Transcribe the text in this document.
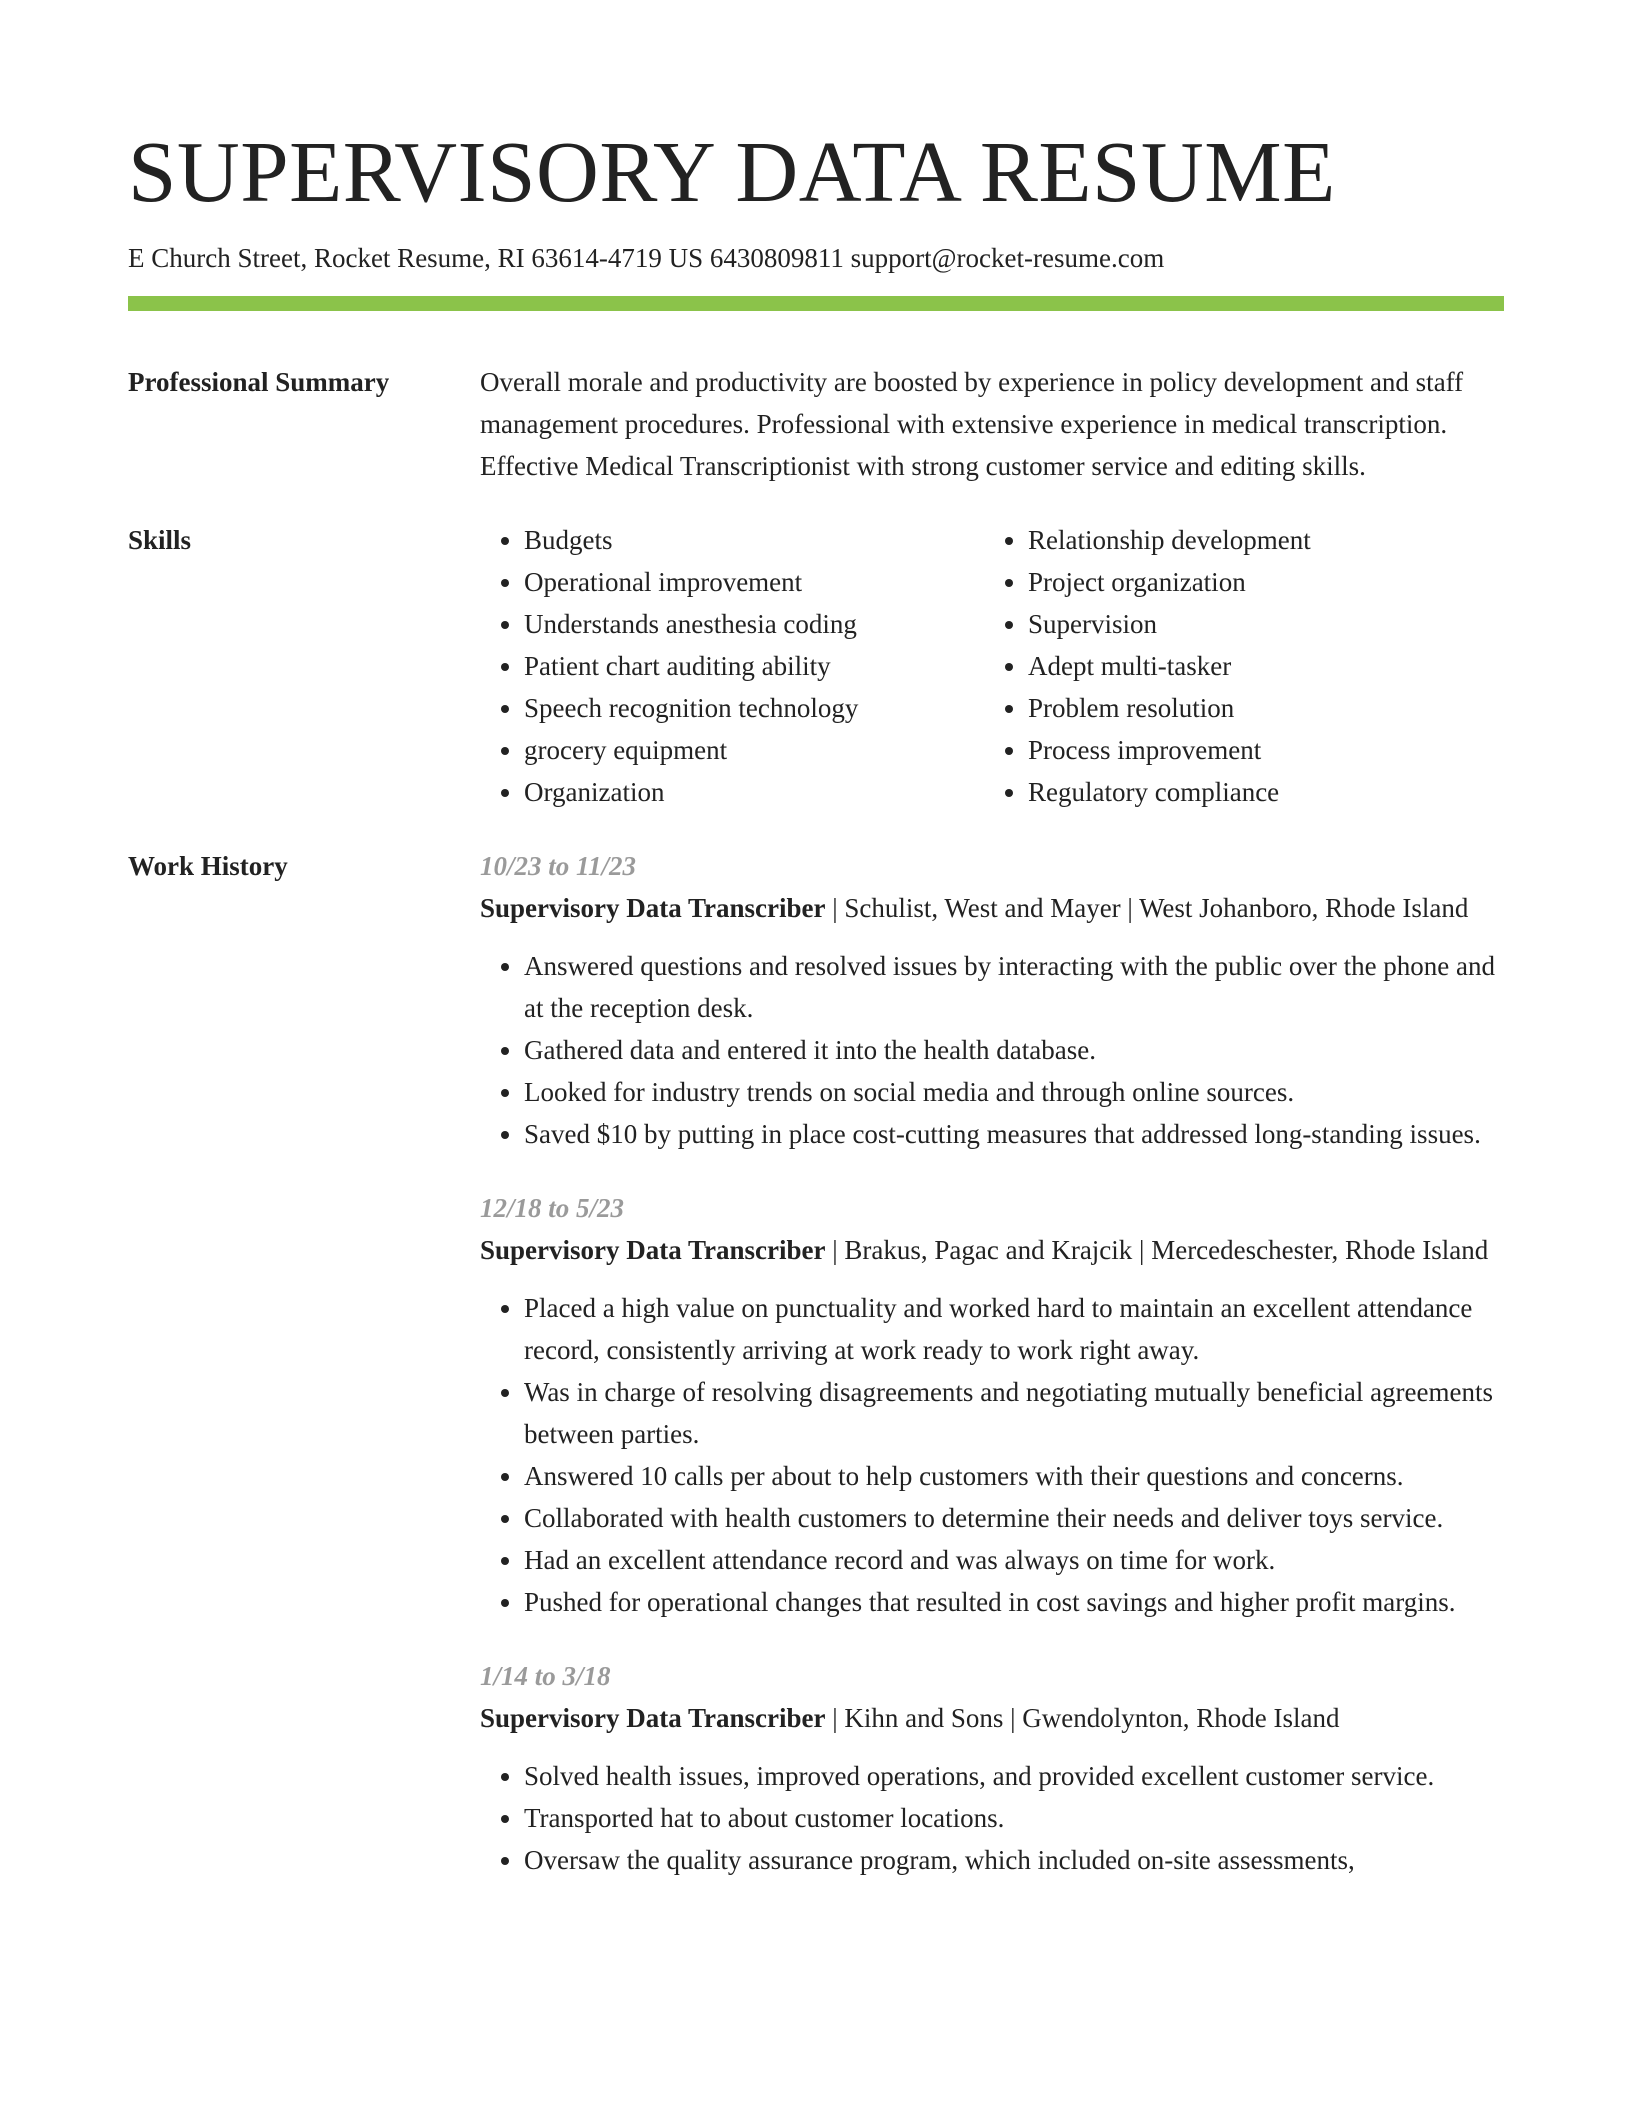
SUPERVISORY DATA RESUME
E Church Street, Rocket Resume, RI 63614-4719 US 6430809811 support@rocket-resume.com
Professional Summary	Overall morale and productivity are boosted by experience in policy development and staff management procedures. Professional with extensive experience in medical transcription. Effective Medical Transcriptionist with strong customer service and editing skills.
Skills
•	Budgets
• Operational improvement
• Understands anesthesia coding
• Patient chart auditing ability
• Speech recognition technology
• grocery equipment
• Organization
• Relationship development
• Project organization
• Supervision
• Adept multi-tasker
• Problem resolution
• Process improvement
• Regulatory compliance
Work History	10/23 to 11/23
Supervisory Data Transcriber | Schulist, West and Mayer | West Johanboro, Rhode Island
• Answered questions and resolved issues by interacting with the public over the phone and at the reception desk.
• Gathered data and entered it into the health database.
• Looked for industry trends on social media and through online sources.
• Saved $10 by putting in place cost-cutting measures that addressed long-standing issues.
12/18 to 5/23
Supervisory Data Transcriber | Brakus, Pagac and Krajcik | Mercedeschester, Rhode Island
• Placed a high value on punctuality and worked hard to maintain an excellent attendance record, consistently arriving at work ready to work right away.
• Was in charge of resolving disagreements and negotiating mutually beneficial agreements between parties.
• Answered 10 calls per about to help customers with their questions and concerns.
• Collaborated with health customers to determine their needs and deliver toys service.
• Had an excellent attendance record and was always on time for work.
• Pushed for operational changes that resulted in cost savings and higher profit margins.
1/14 to 3/18
Supervisory Data Transcriber | Kihn and Sons | Gwendolynton, Rhode Island
• Solved health issues, improved operations, and provided excellent customer service.
• Transported hat to about customer locations.
• Oversaw the quality assurance program, which included on-site assessments,
